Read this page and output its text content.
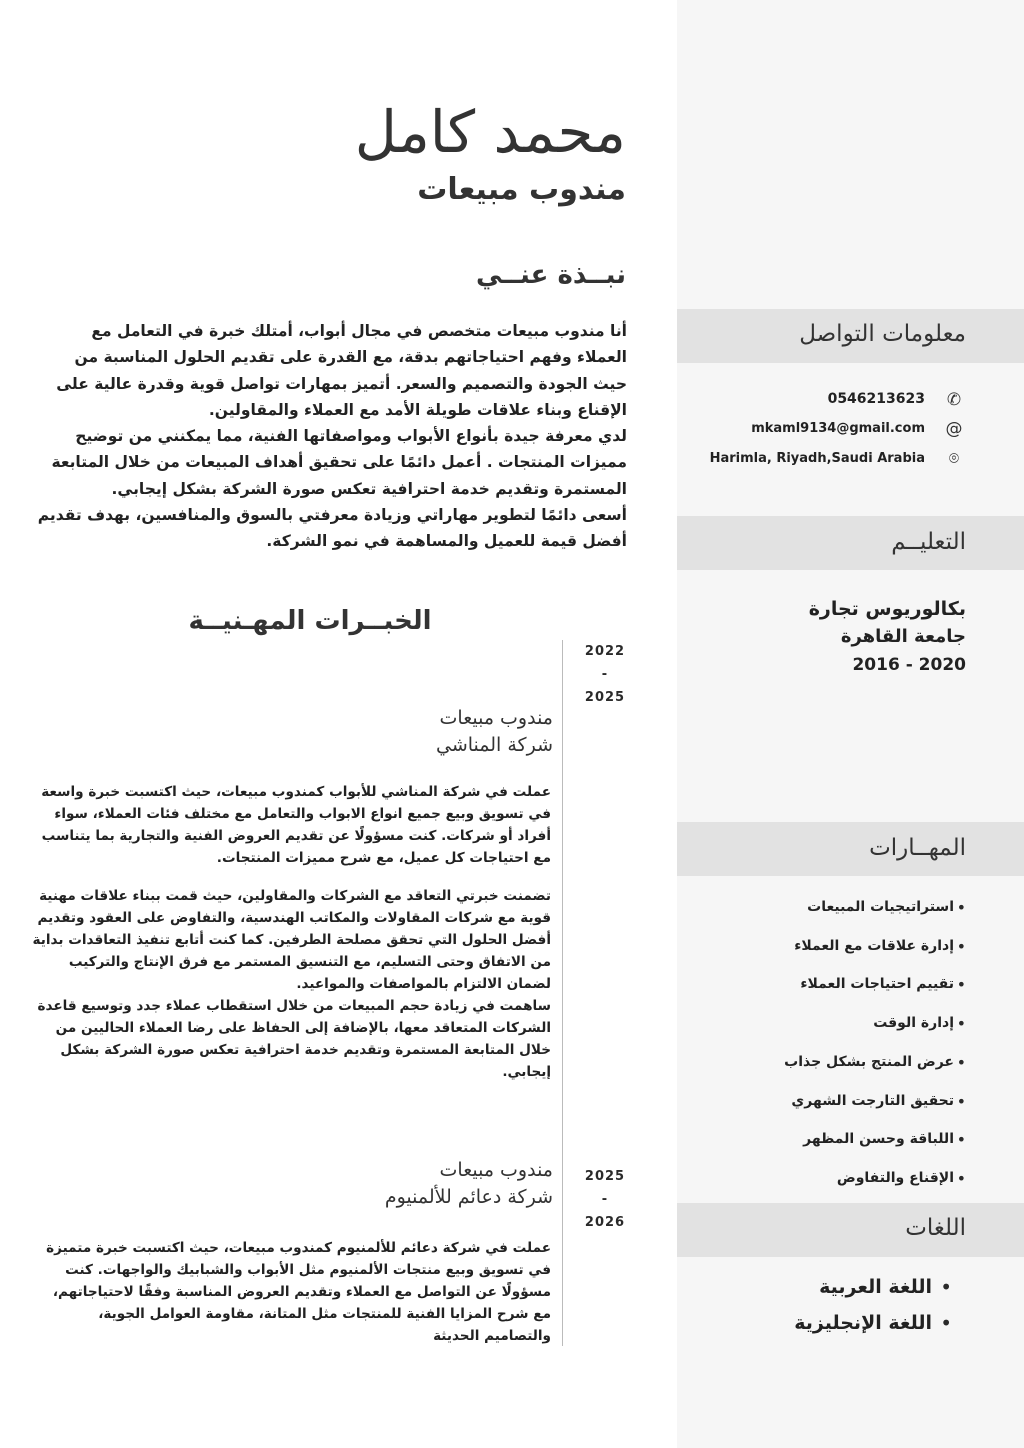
محمد كامل
مندوب مبيعات
نبــذة عنــي
أنا مندوب مبيعات متخصص في مجال أبواب، أمتلك خبرة في التعامل مع العملاء وفهم احتياجاتهم بدقة، مع القدرة على تقديم الحلول المناسبة من حيث الجودة والتصميم والسعر. أتميز بمهارات تواصل قوية وقدرة عالية على الإقناع وبناء علاقات طويلة الأمد مع العملاء والمقاولين.
لدي معرفة جيدة بأنواع الأبواب ومواصفاتها الفنية، مما يمكنني من توضيح مميزات المنتجات . أعمل دائمًا على تحقيق أهداف المبيعات من خلال المتابعة المستمرة وتقديم خدمة احترافية تعكس صورة الشركة بشكل إيجابي.
أسعى دائمًا لتطوير مهاراتي وزيادة معرفتي بالسوق والمنافسين، بهدف تقديم أفضل قيمة للعميل والمساهمة في نمو الشركة.
الخبــرات المهـنيــة
2022
-
2025
مندوب مبيعات
شركة المناشي
عملت في شركة المناشي للأبواب كمندوب مبيعات، حيث اكتسبت خبرة واسعة في تسويق وبيع جميع انواع الابواب والتعامل مع مختلف فئات العملاء، سواء أفراد أو شركات. كنت مسؤولًا عن تقديم العروض الفنية والتجارية بما يتناسب مع احتياجات كل عميل، مع شرح مميزات المنتجات.
تضمنت خبرتي التعاقد مع الشركات والمقاولين، حيث قمت ببناء علاقات مهنية قوية مع شركات المقاولات والمكاتب الهندسية، والتفاوض على العقود وتقديم أفضل الحلول التي تحقق مصلحة الطرفين. كما كنت أتابع تنفيذ التعاقدات بداية من الاتفاق وحتى التسليم، مع التنسيق المستمر مع فرق الإنتاج والتركيب لضمان الالتزام بالمواصفات والمواعيد.
ساهمت في زيادة حجم المبيعات من خلال استقطاب عملاء جدد وتوسيع قاعدة الشركات المتعاقد معها، بالإضافة إلى الحفاظ على رضا العملاء الحاليين من خلال المتابعة المستمرة وتقديم خدمة احترافية تعكس صورة الشركة بشكل إيجابي.
2025
-
2026
مندوب مبيعات
شركة دعائم للألمنيوم
عملت في شركة دعائم للألمنيوم كمندوب مبيعات، حيث اكتسبت خبرة متميزة في تسويق وبيع منتجات الألمنيوم مثل الأبواب والشبابيك والواجهات. كنت مسؤولًا عن التواصل مع العملاء وتقديم العروض المناسبة وفقًا لاحتياجاتهم، مع شرح المزايا الفنية للمنتجات مثل المتانة، مقاومة العوامل الجوية، والتصاميم الحديثة
معلومات التواصل
✆
0546213623
@
mkaml9134@gmail.com
⌾
Harimla, Riyadh,Saudi Arabia
التعليــم
بكالوريوس تجارة
جامعة القاهرة
2016 - 2020
المهــارات
•
استراتيجيات المبيعات
•
إدارة علاقات مع العملاء
•
تقييم احتياجات العملاء
•
إدارة الوقت
•
عرض المنتج بشكل جذاب
•
تحقيق التارجت الشهري
•
اللباقة وحسن المظهر
•
الإقناع والتفاوض
اللغات
•
اللغة العربية
•
اللغة الإنجليزية
